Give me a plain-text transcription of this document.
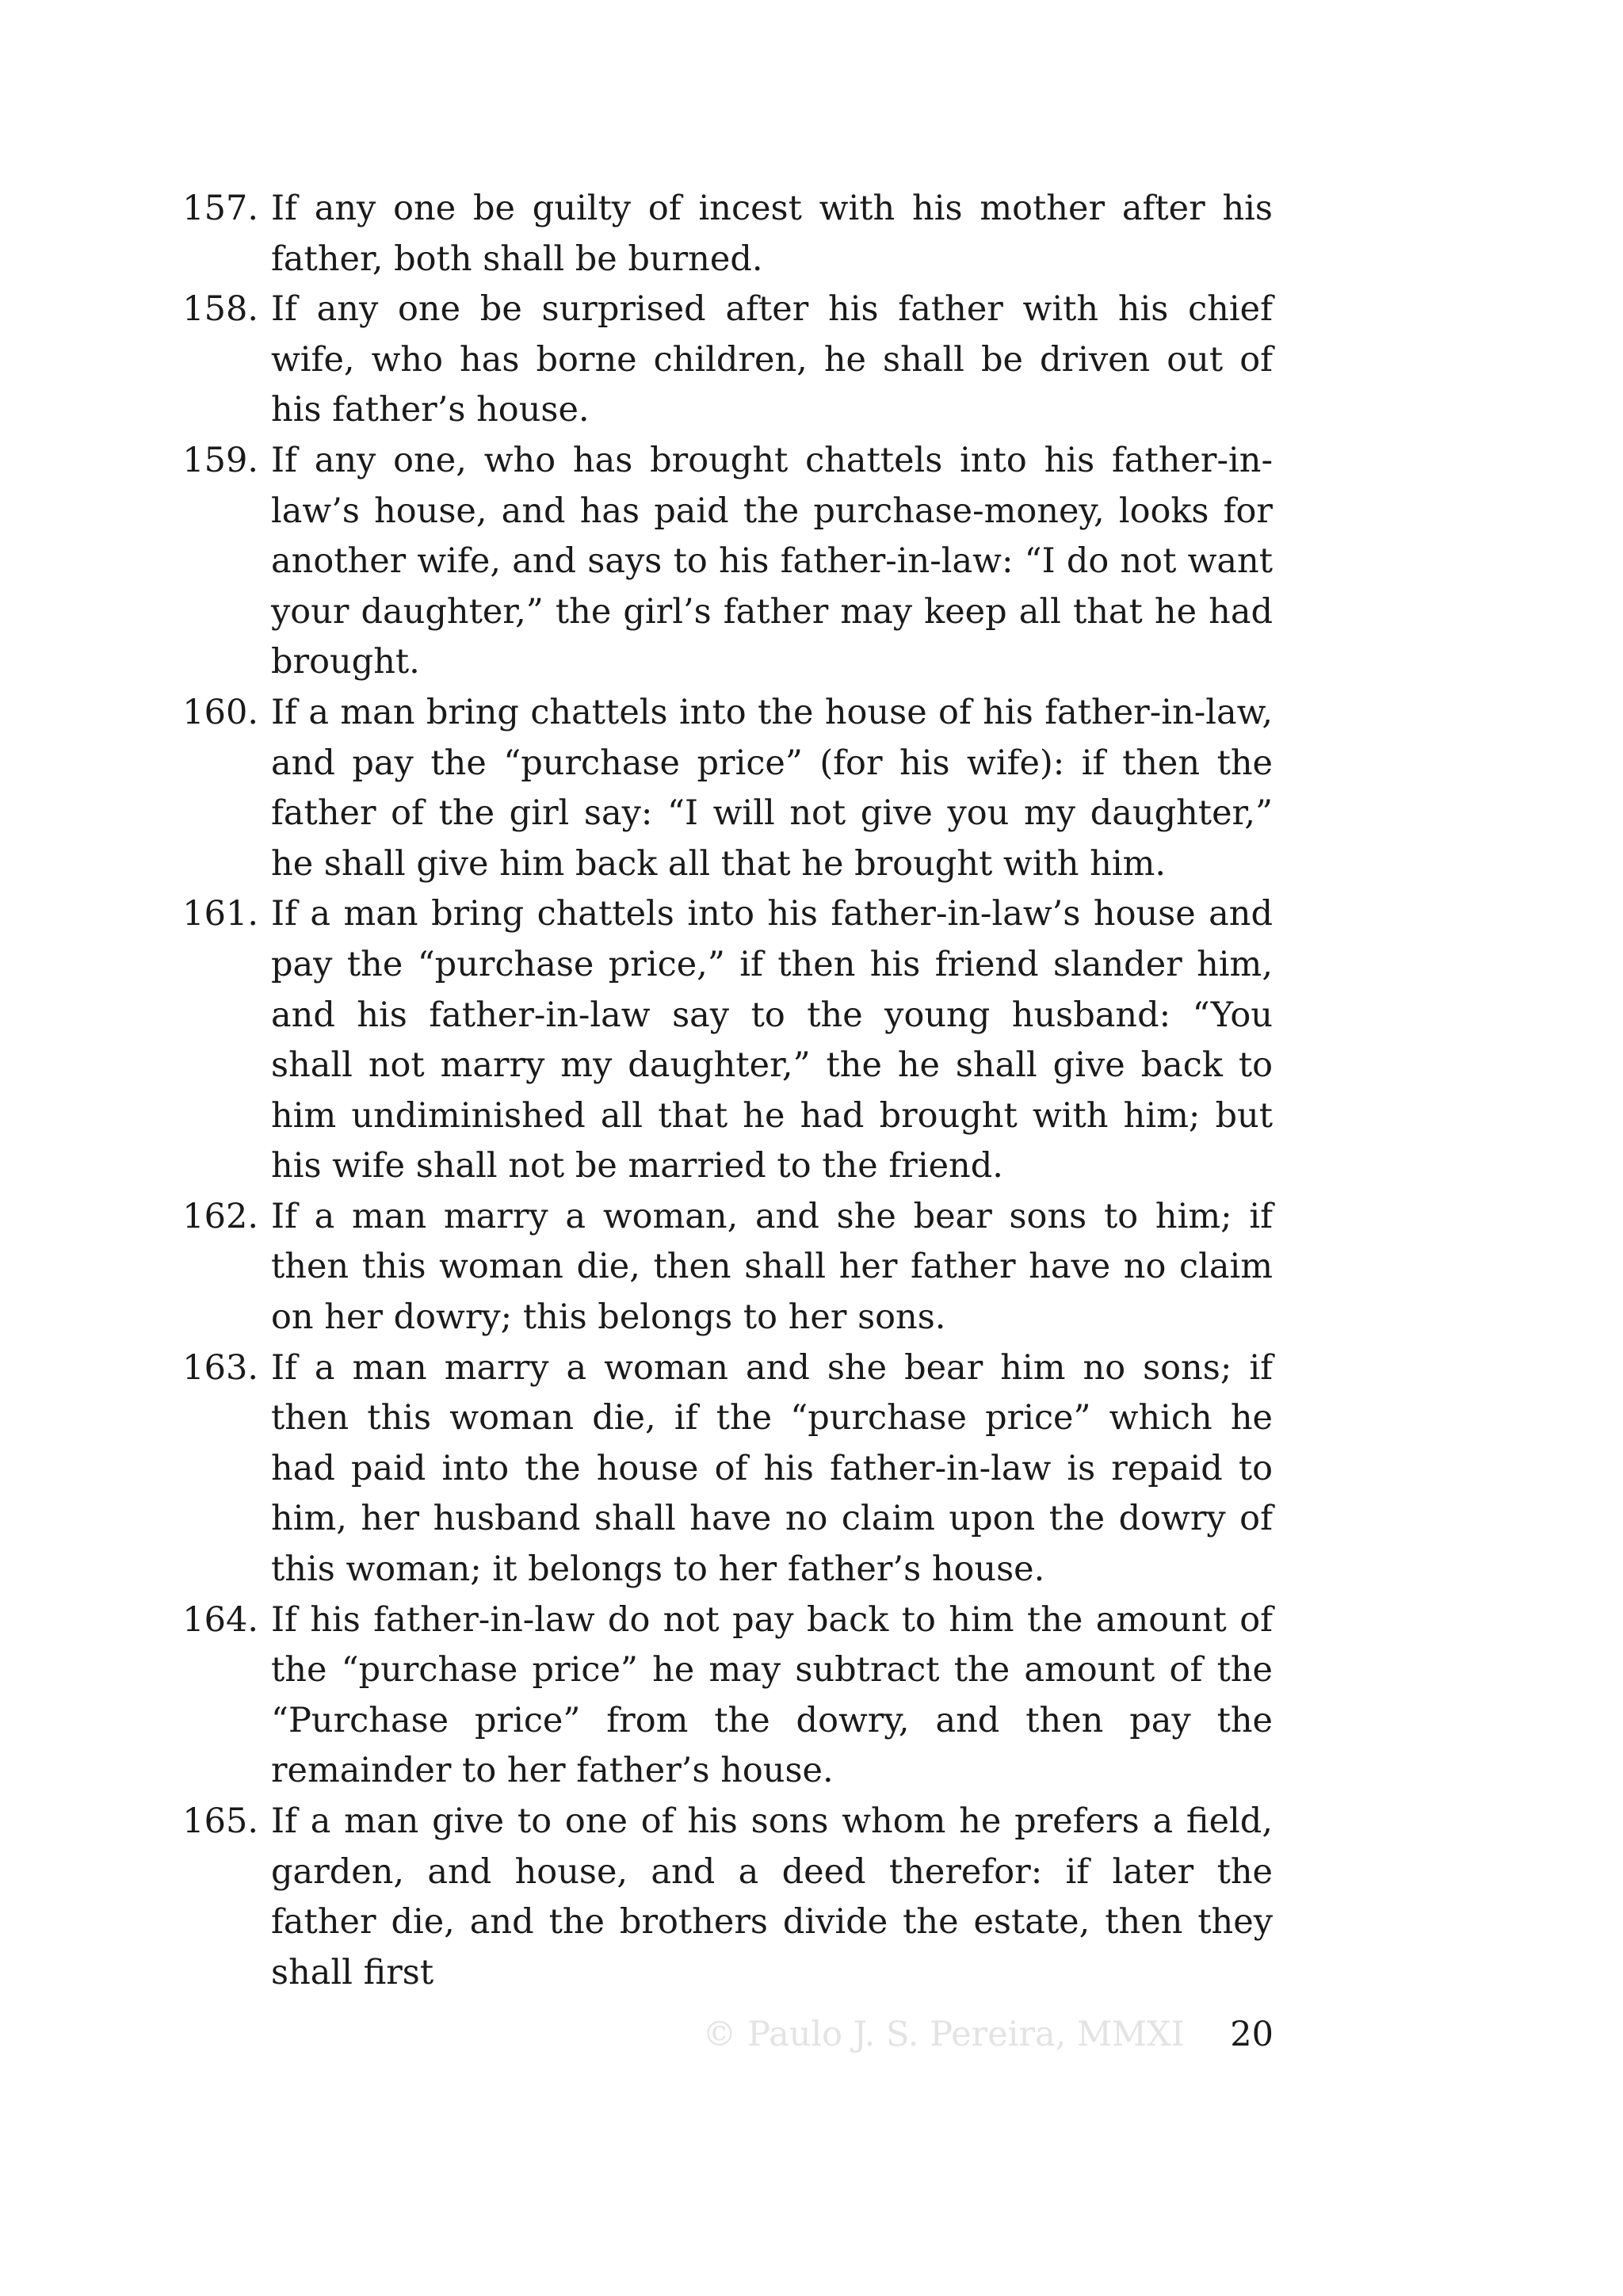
157. If any one be guilty of incest with his mother after his father, both shall be burned.
158. If any one be surprised after his father with his chief wife, who has borne children, he shall be driven out of his father’s house.
159. If any one, who has brought chattels into his father-in-law’s house, and has paid the purchase-money, looks for another wife, and says to his father-in-law: “I do not want your daughter,” the girl’s father may keep all that he had brought.
160. If a man bring chattels into the house of his father-in-law, and pay the “purchase price” (for his wife): if then the father of the girl say: “I will not give you my daughter,” he shall give him back all that he brought with him.
161. If a man bring chattels into his father-in-law’s house and pay the “purchase price,” if then his friend slander him, and his father-in-law say to the young husband: “You shall not marry my daughter,” the he shall give back to him undiminished all that he had brought with him; but his wife shall not be married to the friend.
162. If a man marry a woman, and she bear sons to him; if then this woman die, then shall her father have no claim on her dowry; this belongs to her sons.
163. If a man marry a woman and she bear him no sons; if then this woman die, if the “purchase price” which he had paid into the house of his father-in-law is repaid to him, her husband shall have no claim upon the dowry of this woman; it belongs to her father’s house.
164. If his father-in-law do not pay back to him the amount of the “purchase price” he may subtract the amount of the “Purchase price” from the dowry, and then pay the remainder to her father’s house.
165. If a man give to one of his sons whom he prefers a field, garden, and house, and a deed therefor: if later the father die, and the brothers divide the estate, then they shall first
© Paulo J. S. Pereira, MMXI 20
